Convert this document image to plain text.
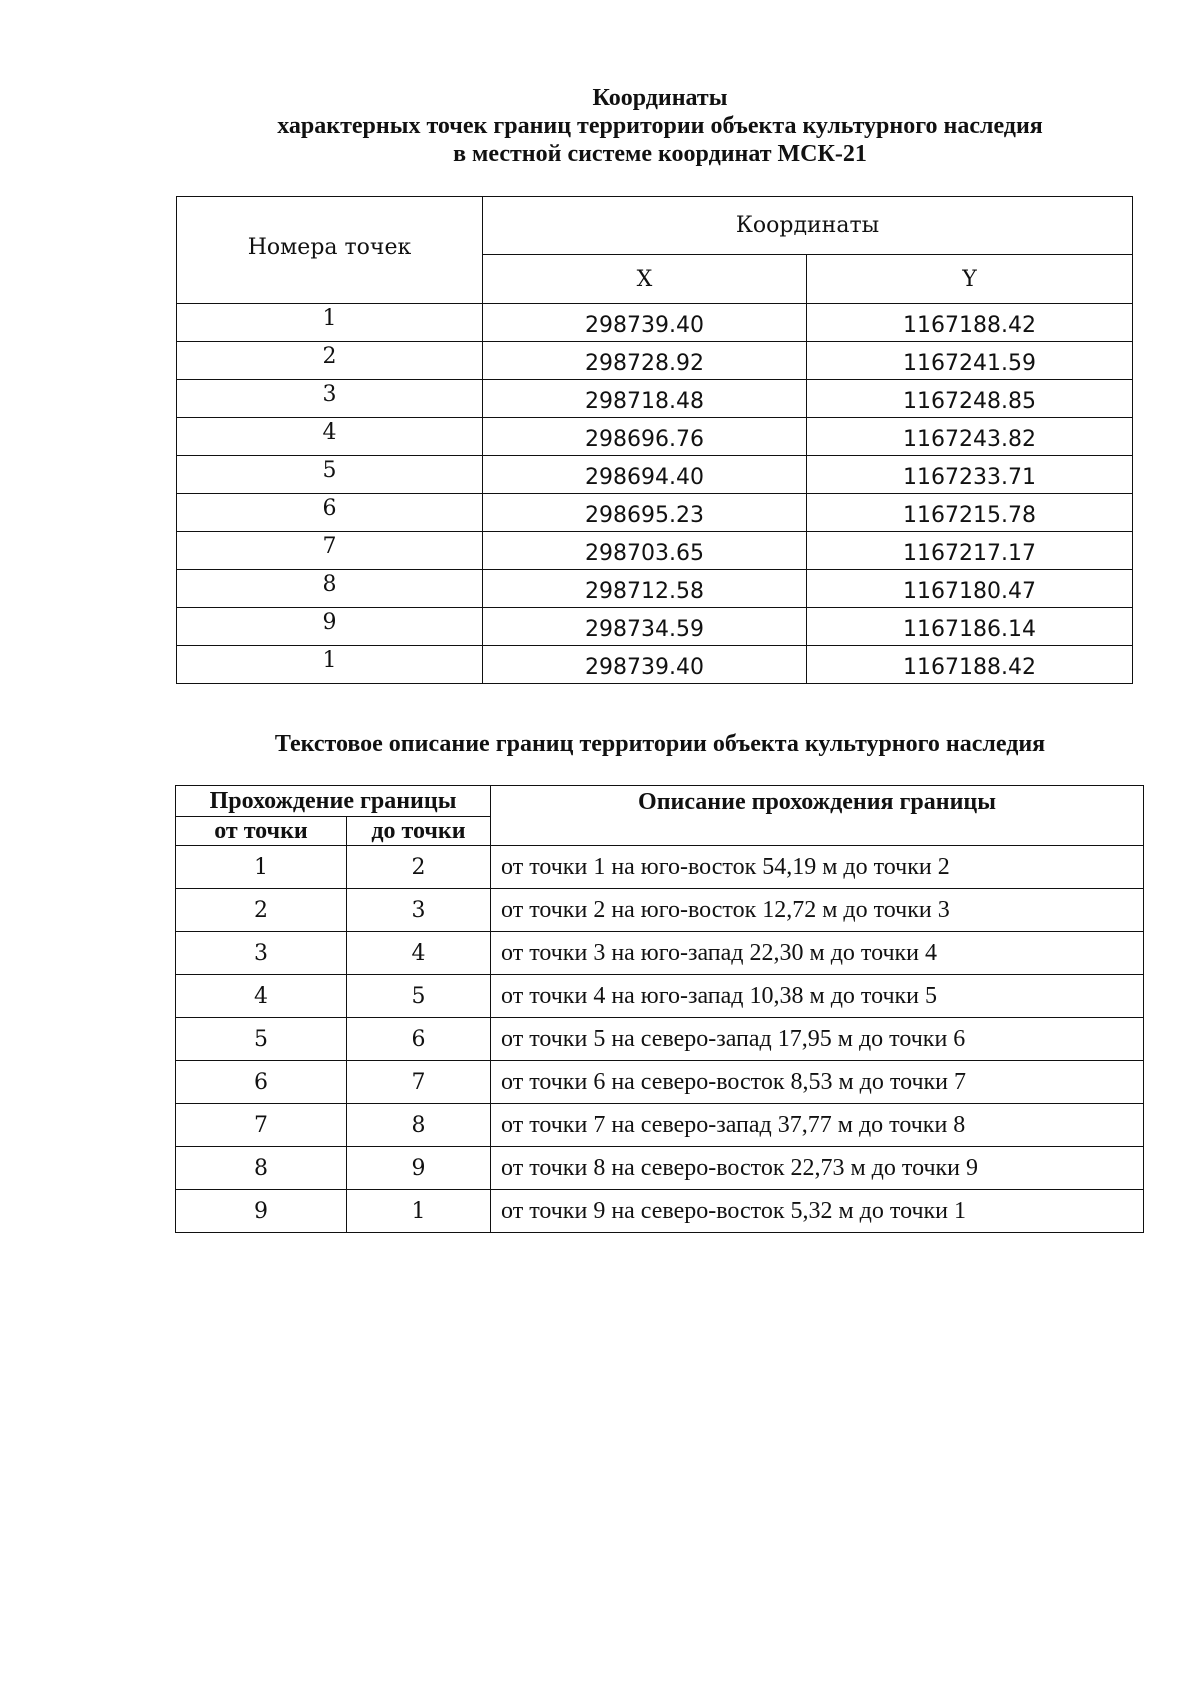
Координаты
характерных точек границ территории объекта культурного наследия
в местной системе координат МСК-21
Номера точек	Координаты	
	X	Y
1	298739.40	1167188.42
2	298728.92	1167241.59
3	298718.48	1167248.85
4	298696.76	1167243.82
5	298694.40	1167233.71
6	298695.23	1167215.78
7	298703.65	1167217.17
8	298712.58	1167180.47
9	298734.59	1167186.14
1	298739.40	1167188.42
Текстовое описание границ территории объекта культурного наследия
Прохождение границы		Описание прохождения границы
от точки	до точки	
1	2	от точки 1 на юго-восток 54,19 м до точки 2
2	3	от точки 2 на юго-восток 12,72 м до точки 3
3	4	от точки 3 на юго-запад 22,30 м до точки 4
4	5	от точки 4 на юго-запад 10,38 м до точки 5
5	6	от точки 5 на северо-запад 17,95 м до точки 6
6	7	от точки 6 на северо-восток 8,53 м до точки 7
7	8	от точки 7 на северо-запад 37,77 м до точки 8
8	9	от точки 8 на северо-восток 22,73 м до точки 9
9	1	от точки 9 на северо-восток 5,32 м до точки 1
